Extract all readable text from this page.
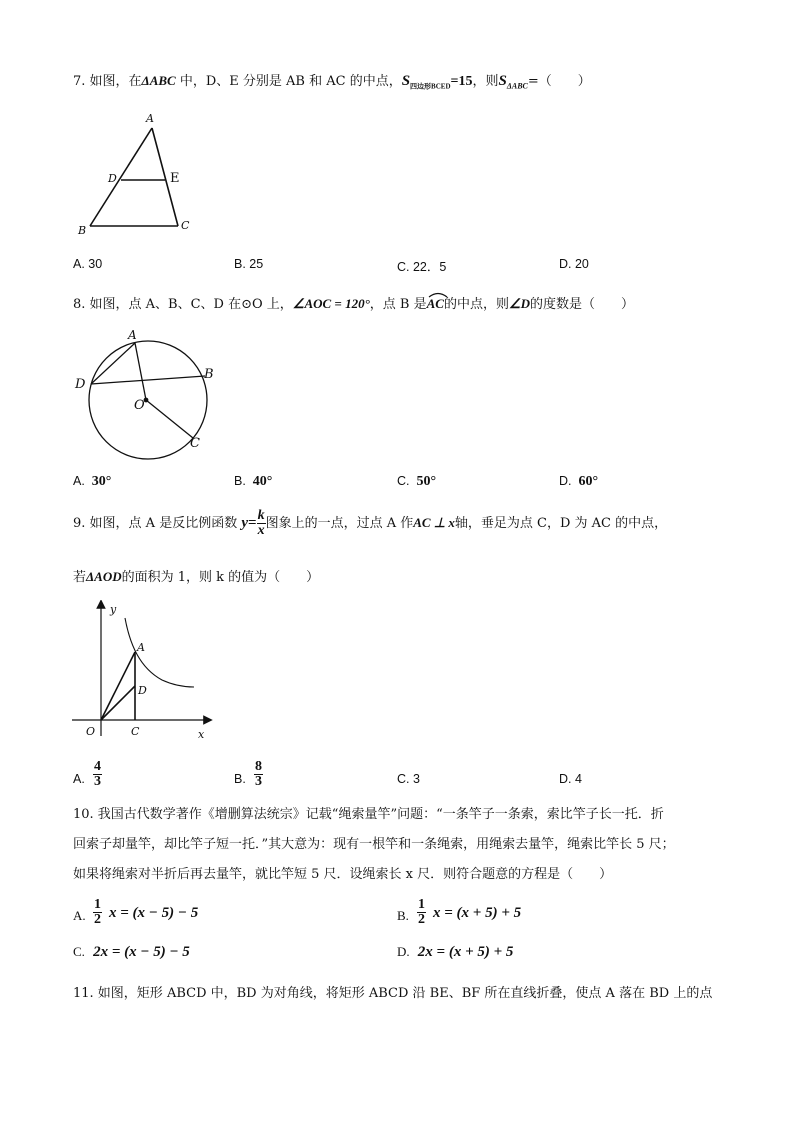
7. 如图，在ΔABC 中，D、E 分别是 AB 和 AC 的中点，$S_{四边形BCED}=15$，则$S_{\Delta ABC}=$（　　）
A
D	E
B	C
A. 30	B. 25	C. 22．5	D. 20
8. 如图，点 A、B、C、D 在⊙O 上，∠AOC = 120°，点 B 是
AC的中点，则∠D的度数是（　　）
A
B
D
O
C
A. 30°	B. 40°	C. 50°	D. 60°
9. 如图，点 A 是反比例函数 $y= \frac{k}{x}$ 图象上的一点，过点 A 作AC ⊥ x轴，垂足为点 C，D 为 AC 的中点，
若ΔAOD的面积为 1，则 k 的值为（　　）
y
A
D
O	C	x
A. $\frac{4}{3}$	B. $\frac{8}{3}$	C. 3	D. 4
10. 我国古代数学著作《增删算法统宗》记载“绳索量竿”问题：“一条竿子一条索，索比竿子长一托．折
回索子却量竿，却比竿子短一托．”其大意为：现有一根竿和一条绳索，用绳索去量竿，绳索比竿长 5 尺；
如果将绳索对半折后再去量竿，就比竿短 5 尺．设绳索长 x 尺．则符合题意的方程是（　　）
A. $\frac{1}{2}$ x = (x − 5) − 5	B. $\frac{1}{2}$ x = (x + 5) + 5
C. 2x = (x − 5) − 5	D. 2x = (x + 5) + 5
11. 如图，矩形 ABCD 中，BD 为对角线，将矩形 ABCD 沿 BE、BF 所在直线折叠，使点 A 落在 BD 上的点
